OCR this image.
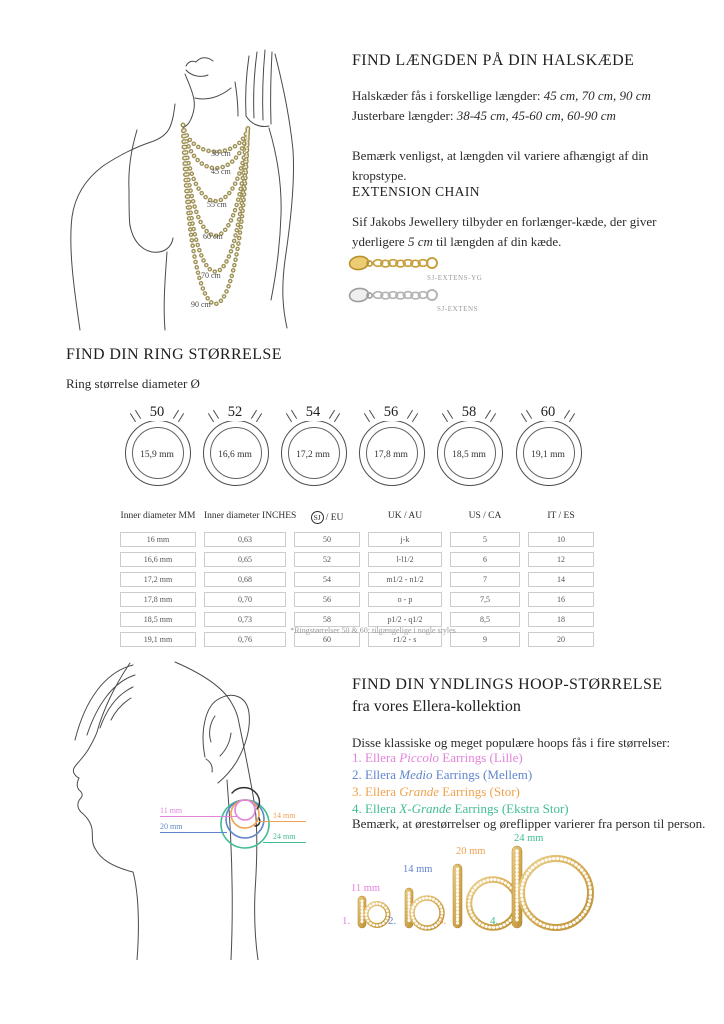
38 cm
45 cm
55 cm
60 cm
70 cm
90 cm
FIND LÆNGDEN PÅ DIN HALSKÆDE
Halskæder fås i forskellige længder: 45 cm, 70 cm, 90 cm
Justerbare længder: 38-45 cm, 45-60 cm, 60-90 cm
Bemærk venligst, at længden vil variere afhængigt af din kropstype.
EXTENSION CHAIN
Sif Jakobs Jewellery tilbyder en forlænger-kæde, der giver yderligere 5 cm til længden af din kæde.
SJ-EXTENS-YG
SJ-EXTENS
FIND DIN RING STØRRELSE
Ring størrelse diameter Ø
50
15,9 mm
52
16,6 mm
54
17,2 mm
56
17,8 mm
58
18,5 mm
60
19,1 mm
Inner diameter MM Inner diameter INCHES	SJ / EU	UK / AU	US / CA	IT / ES
16 mm	0,63	50	j-k	5	10
16,6 mm	0,65	52	l-l1/2	6	12
17,2 mm	0,68	54	m1/2 - n1/2	7	14
17,8 mm	0,70	56	o - p	7,5	16
18,5 mm	0,73	58	p1/2 - q1/2	8,5	18
19,1 mm	0,76	60	r1/2 - s	9	20
*Ringstørrelser 50 & 60: tilgængelige i nogle styles
11 mm
20 mm
14 mm
24 mm
FIND DIN YNDLINGS HOOP-STØRRELSE
fra vores Ellera-kollektion
Disse klassiske og meget populære hoops fås i fire størrelser:
1. Ellera Piccolo Earrings (Lille)
2. Ellera Medio Earrings (Mellem)
3. Ellera Grande Earrings (Stor)
4. Ellera X-Grande Earrings (Ekstra Stor)
Bemærk, at ørestørrelser og øreflipper varierer fra person til person.
11 mm
14 mm
20 mm
24 mm
1.	2.	3.	4.
